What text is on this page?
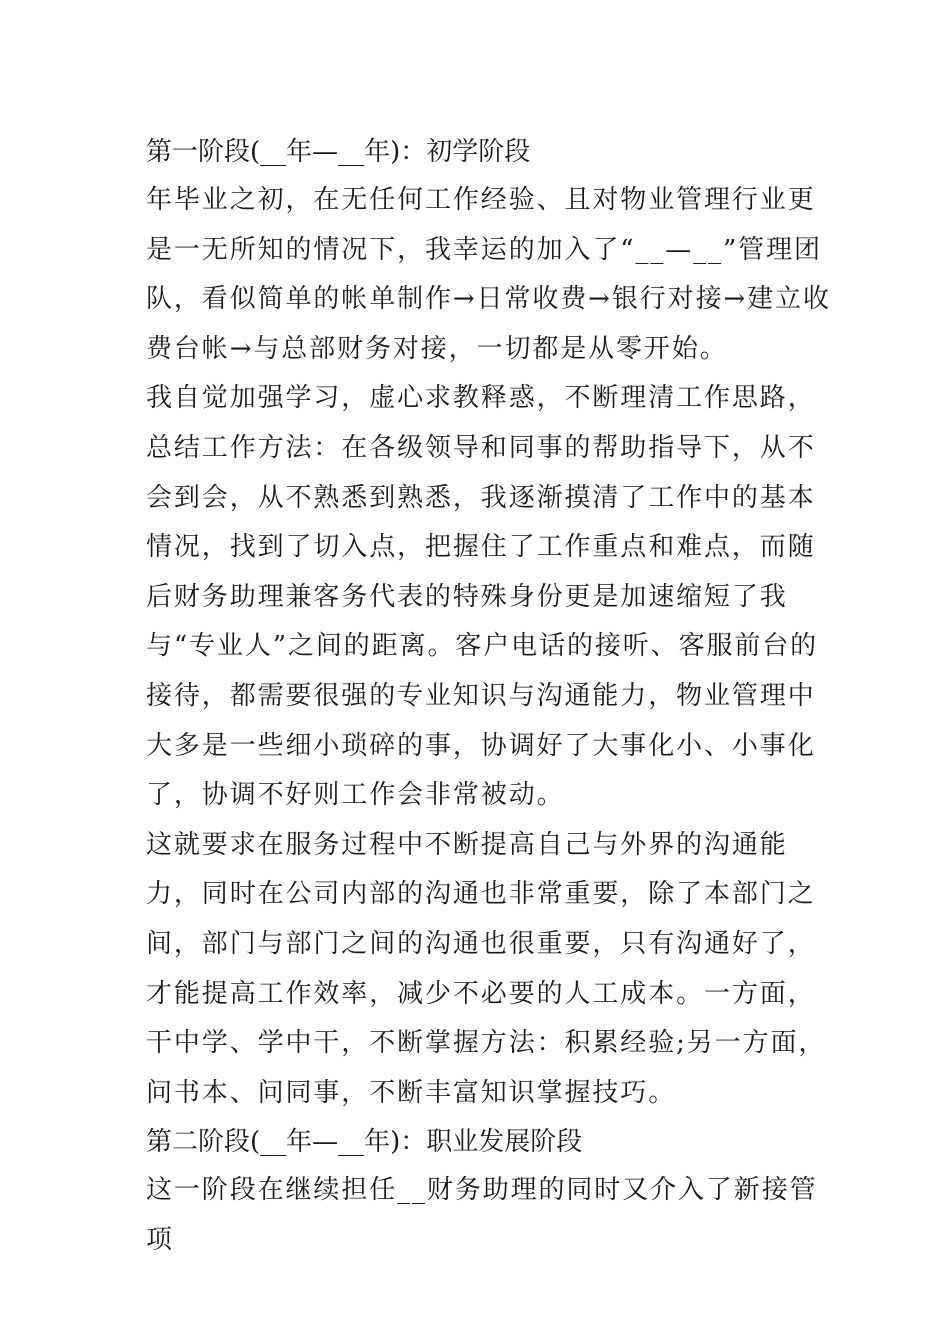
第一阶段(__年—__年)：初学阶段

年毕业之初，在无任何工作经验、且对物业管理行业更是一无所知的情况下，我幸运的加入了“__—__”管理团队，看似简单的帐单制作→日常收费→银行对接→建立收费台帐→与总部财务对接，一切都是从零开始。

我自觉加强学习，虚心求教释惑，不断理清工作思路，总结工作方法：在各级领导和同事的帮助指导下，从不会到会，从不熟悉到熟悉，我逐渐摸清了工作中的基本情况，找到了切入点，把握住了工作重点和难点，而随后财务助理兼客务代表的特殊身份更是加速缩短了我与“专业人”之间的距离。客户电话的接听、客服前台的接待，都需要很强的专业知识与沟通能力，物业管理中大多是一些细小琐碎的事，协调好了大事化小、小事化了，协调不好则工作会非常被动。

这就要求在服务过程中不断提高自己与外界的沟通能力，同时在公司内部的沟通也非常重要，除了本部门之间，部门与部门之间的沟通也很重要，只有沟通好了，才能提高工作效率，减少不必要的人工成本。一方面，干中学、学中干，不断掌握方法：积累经验;另一方面，问书本、问同事，不断丰富知识掌握技巧。

第二阶段(__年—__年)：职业发展阶段

这一阶段在继续担任__财务助理的同时又介入了新接管项
